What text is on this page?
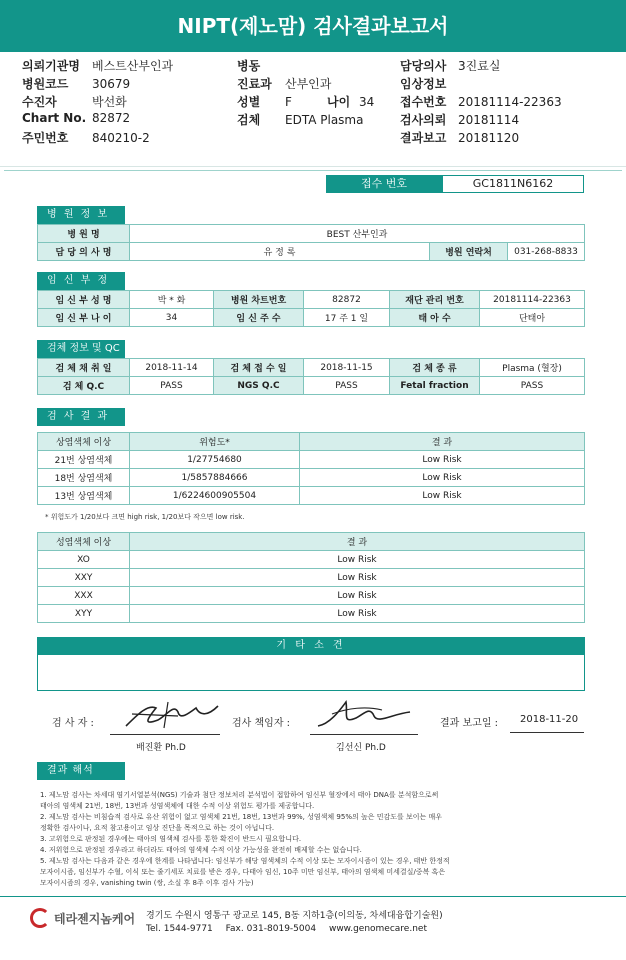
NIPT(제노맘) 검사결과보고서
의뢰기관명 베스트산부인과
병원코드 30679
수진자	박선화
Chart No. 82872
주민번호 840210-2
병동
진료과 산부인과
성별 F	나이 34
검체 EDTA Plasma
담당의사 3진료실
임상정보
접수번호 20181114-22363
검사의뢰 20181114
결과보고 20181120
접수 번호	GC1811N6162
병 원 정 보
병 원 명	BEST 산부인과		
담 당 의 사 명	유 정 록	병원 연락처	031-268-8833
임 신 부 정
임 신 부 성 명	박 * 화	병원 차트번호	82872	재단 관리 번호	20181114-22363
임 신 부 나 이	34	임 신 주 수	17 주 1 일	태 아 수	단태아
검체 정보 및 QC
검 체 채 취 일	2018-11-14	검 체 접 수 일	2018-11-15	검 체 종 류	Plasma (혈장)
검 체 Q.C	PASS	NGS Q.C	PASS	Fetal fraction	PASS
검 사 결 과
상염색체 이상	위험도*	결 과
21번 상염색체	1/27754680	Low Risk
18번 상염색체	1/5857884666	Low Risk
13번 상염색체	1/6224600905504	Low Risk
* 위험도가 1/20보다 크면 high risk, 1/20보다 작으면 low risk.
성염색체 이상	결 과
XO	Low Risk
XXY	Low Risk
XXX	Low Risk
XYY	Low Risk
기 타 소 견
검 사 자 :
배진환 Ph.D
검사 책임자 :
김선신 Ph.D
결과 보고일 : 2018-11-20
결과 해석
1. 제노맘 검사는 차세대 염기서열분석(NGS) 기술과 첨단 정보처리 분석법이 접합하여 임신부 혈장에서 태아 DNA를 분석함으로써
태아의 염색체 21번, 18번, 13번과 성염색체에 대한 수적 이상 위험도 평가를 제공합니다.
2. 제노맘 검사는 비침습적 검사로 유산 위험이 없고 염색체 21번, 18번, 13번과 99%, 성염색체 95%의 높은 민감도를 보이는 매우
정확한 검사이나, 요적 참고용이고 임상 진단을 목적으로 하는 것이 아닙니다.
3. 고위험으로 판정된 경우에는 태아의 염색체 검사를 통한 확진이 반드시 필요합니다.
4. 저위험으로 판정된 경우라고 하더라도 태아의 염색체 수적 이상 가능성을 완전히 배제할 수는 없습니다.
5. 제노맘 검사는 다음과 같은 경우에 한계를 나타냅니다: 임신부가 해당 염색체의 수적 이상 또는 모자이시즘이 있는 경우, 태반 한정적
모자이시즘, 임신부가 수혈, 이식 또는 줄기세포 치료를 받은 경우, 다태아 임신, 10주 미만 임신부, 태아의 염색체 미세결실/중복 혹은
모자이시즘의 경우, vanishing twin (쌍, 소실 후 8주 이후 검사 가능)
테라젠지놈케어 경기도 수원시 영통구 광교로 145, B동 지하1층(이의동, 차세대융합기술원)
Tel. 1544-9771 Fax. 031-8019-5004 www.genomecare.net
